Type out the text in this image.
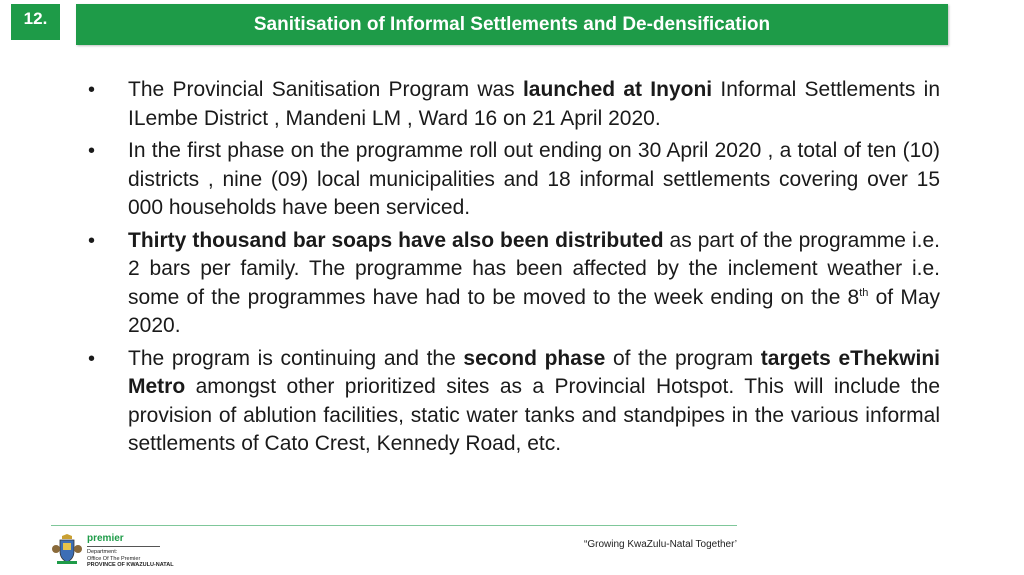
12.	Sanitisation of Informal Settlements and De-densification
• The Provincial Sanitisation Program was launched at Inyoni Informal Settlements in ILembe District , Mandeni LM , Ward 16 on 21 April 2020.
• In the first phase on the programme roll out ending on 30 April 2020 , a total of ten (10) districts , nine (09) local municipalities and 18 informal settlements covering over 15 000 households have been serviced.
• Thirty thousand bar soaps have also been distributed as part of the programme i.e. 2 bars per family. The programme has been affected by the inclement weather i.e. some of the programmes have had to be moved to the week ending on the 8th of May 2020.
• The program is continuing and the second phase of the program targets eThekwini Metro amongst other prioritized sites as a Provincial Hotspot. This will include the provision of ablution facilities, static water tanks and standpipes in the various informal settlements of Cato Crest, Kennedy Road, etc.
premier
Department:
Office Of The Premier
PROVINCE OF KWAZULU-NATAL
“Growing KwaZulu-Natal Together’
